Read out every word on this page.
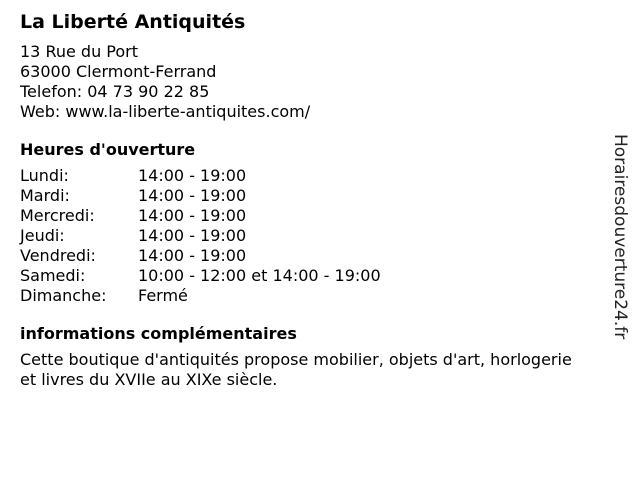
La Liberté Antiquités
13 Rue du Port
63000 Clermont-Ferrand
Telefon: 04 73 90 22 85
Web: www.la-liberte-antiquites.com/
Heures d'ouverture
Lundi:	14:00 - 19:00
Mardi:	14:00 - 19:00
Mercredi:	14:00 - 19:00
Jeudi:	14:00 - 19:00
Vendredi:	14:00 - 19:00
Samedi:	10:00 - 12:00 et 14:00 - 19:00
Dimanche:	Fermé
informations complémentaires
Cette boutique d'antiquités propose mobilier, objets d'art, horlogerie et livres du XVIIe au XIXe siècle.
Horairesdouverture24.fr
